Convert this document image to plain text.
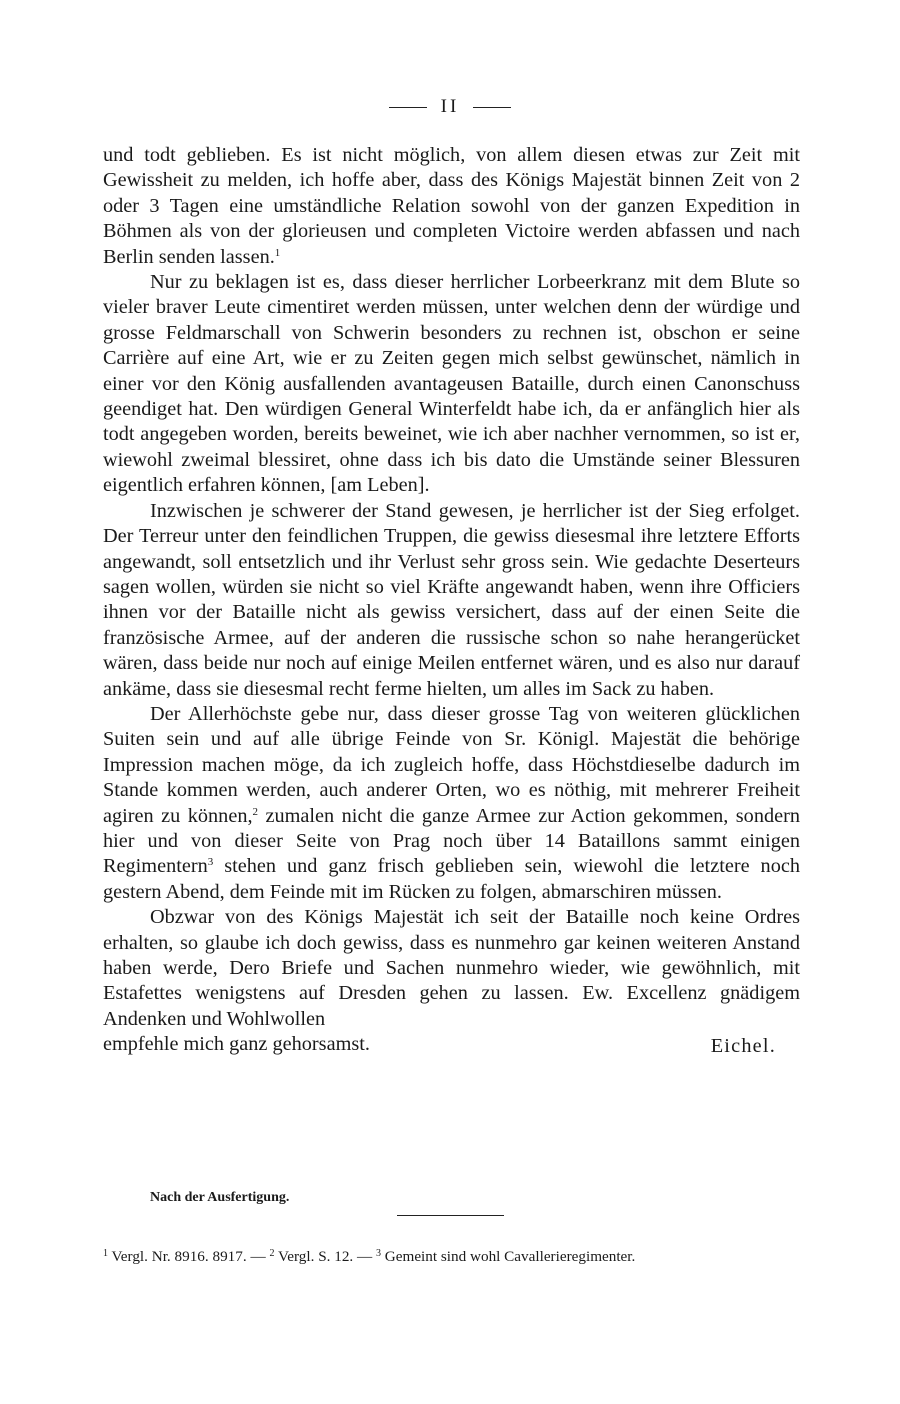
II

und todt geblieben. Es ist nicht möglich, von allem diesen etwas zur Zeit mit Gewissheit zu melden, ich hoffe aber, dass des Königs Majestät binnen Zeit von 2 oder 3 Tagen eine umständliche Relation sowohl von der ganzen Expedition in Böhmen als von der glorieusen und completen Victoire werden abfassen und nach Berlin senden lassen.$^1$

Nur zu beklagen ist es, dass dieser herrlicher Lorbeerkranz mit dem Blute so vieler braver Leute cimentiret werden müssen, unter welchen denn der würdige und grosse Feldmarschall von Schwerin besonders zu rechnen ist, obschon er seine Carrière auf eine Art, wie er zu Zeiten gegen mich selbst gewünschet, nämlich in einer vor den König ausfallenden avantageusen Bataille, durch einen Canonschuss geendiget hat. Den würdigen General Winterfeldt habe ich, da er anfänglich hier als todt angegeben worden, bereits beweinet, wie ich aber nachher vernommen, so ist er, wiewohl zweimal blessiret, ohne dass ich bis dato die Umstände seiner Blessuren eigentlich erfahren können, [am Leben].

Inzwischen je schwerer der Stand gewesen, je herrlicher ist der Sieg erfolget. Der Terreur unter den feindlichen Truppen, die gewiss diesesmal ihre letztere Efforts angewandt, soll entsetzlich und ihr Verlust sehr gross sein. Wie gedachte Deserteurs sagen wollen, würden sie nicht so viel Kräfte angewandt haben, wenn ihre Officiers ihnen vor der Bataille nicht als gewiss versichert, dass auf der einen Seite die französische Armee, auf der anderen die russische schon so nahe herangerücket wären, dass beide nur noch auf einige Meilen entfernet wären, und es also nur darauf ankäme, dass sie diesesmal recht ferme hielten, um alles im Sack zu haben.

Der Allerhöchste gebe nur, dass dieser grosse Tag von weiteren glücklichen Suiten sein und auf alle übrige Feinde von Sr. Königl. Majestät die behörige Impression machen möge, da ich zugleich hoffe, dass Höchstdieselbe dadurch im Stande kommen werden, auch anderer Orten, wo es nöthig, mit mehrerer Freiheit agiren zu können,$^2$ zumalen nicht die ganze Armee zur Action gekommen, sondern hier und von dieser Seite von Prag noch über 14 Bataillons sammt einigen Regimentern$^3$ stehen und ganz frisch geblieben sein, wiewohl die letztere noch gestern Abend, dem Feinde mit im Rücken zu folgen, abmarschiren müssen.

Obzwar von des Königs Majestät ich seit der Bataille noch keine Ordres erhalten, so glaube ich doch gewiss, dass es nunmehro gar keinen weiteren Anstand haben werde, Dero Briefe und Sachen nunmehro wieder, wie gewöhnlich, mit Estafettes wenigstens auf Dresden gehen zu lassen. Ew. Excellenz gnädigem Andenken und Wohlwollen

empfehle mich ganz gehorsamst.	Eichel.
Nach der Ausfertigung.
$^1$ Vergl. Nr. 8916. 8917. — $^2$ Vergl. S. 12. — $^3$ Gemeint sind wohl Cavallerieregimenter.
